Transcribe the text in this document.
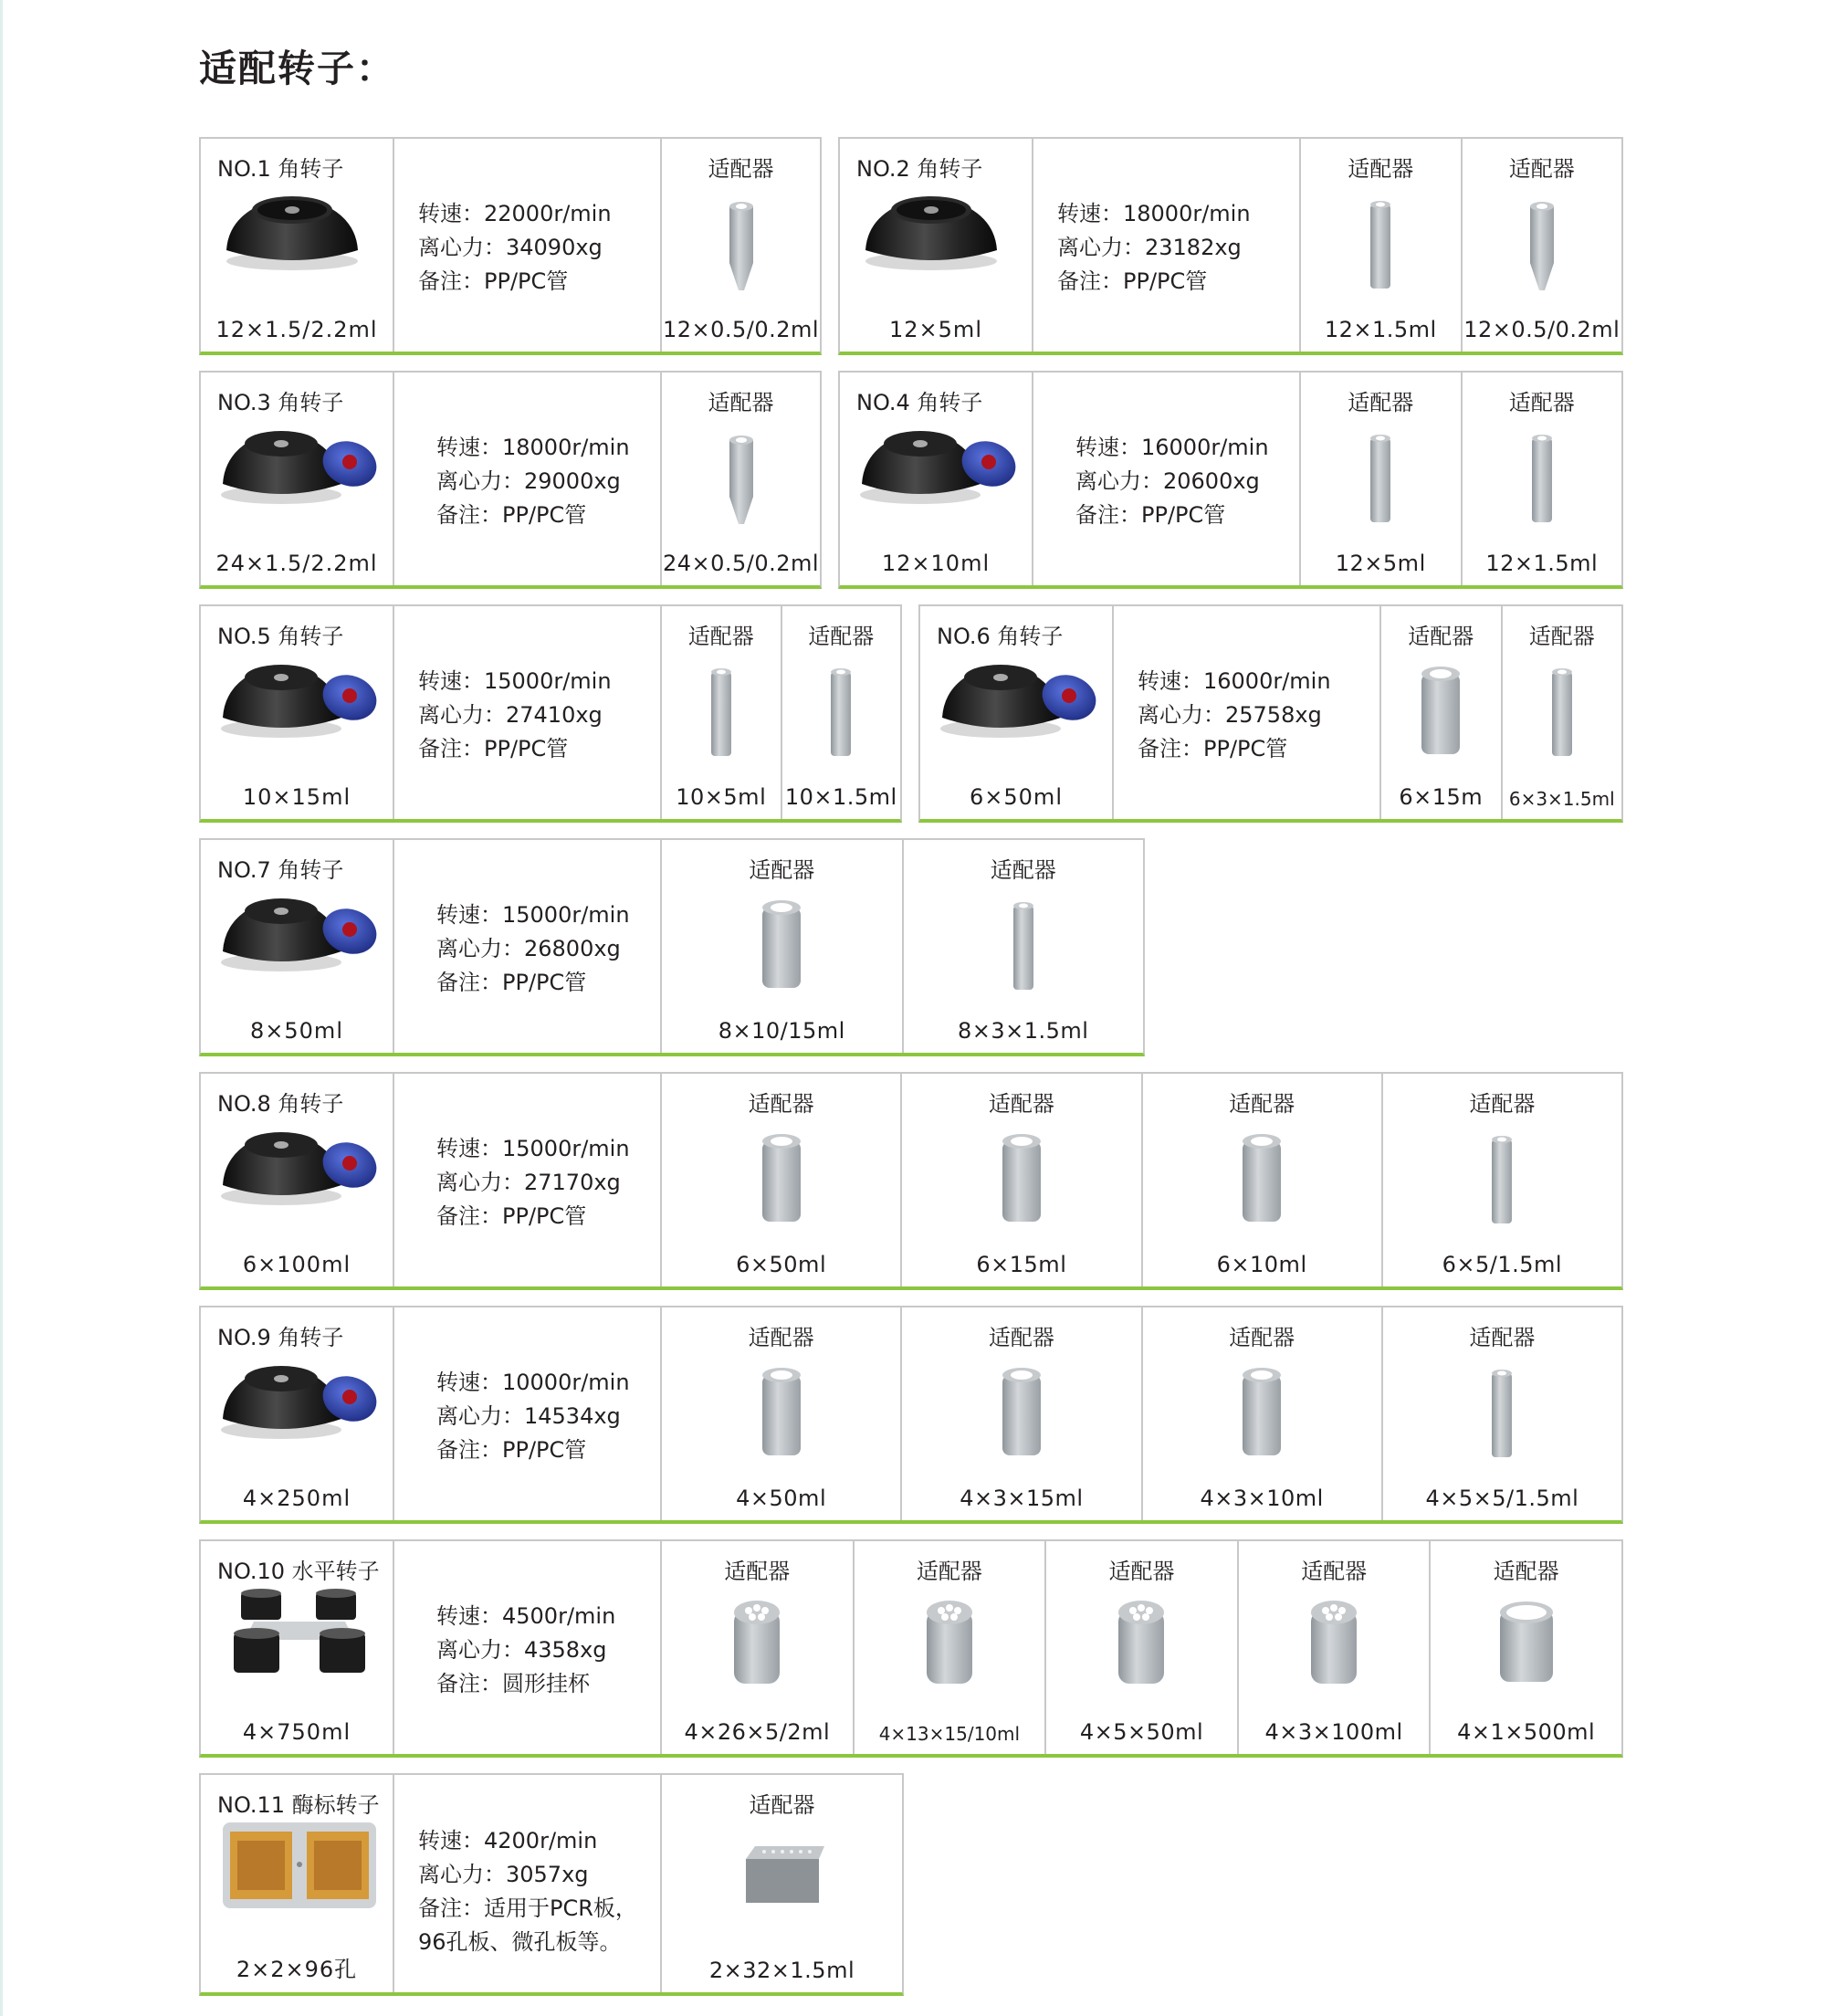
适配转子：
NO.1 角转子
12×1.5/2.2ml
转速：22000r/min
离心力：34090xg
备注：PP/PC管
适配器
12×0.5/0.2ml
NO.2 角转子
12×5ml
转速：18000r/min
离心力：23182xg
备注：PP/PC管
适配器
12×1.5ml
适配器
12×0.5/0.2ml
NO.3 角转子
24×1.5/2.2ml
转速：18000r/min
离心力：29000xg
备注：PP/PC管
适配器
24×0.5/0.2ml
NO.4 角转子
12×10ml
转速：16000r/min
离心力：20600xg
备注：PP/PC管
适配器
12×5ml
适配器
12×1.5ml
NO.5 角转子
10×15ml
转速：15000r/min
离心力：27410xg
备注：PP/PC管
适配器
10×5ml
适配器
10×1.5ml
NO.6 角转子
6×50ml
转速：16000r/min
离心力：25758xg
备注：PP/PC管
适配器
6×15m
适配器
6×3×1.5ml
NO.7 角转子
8×50ml
转速：15000r/min
离心力：26800xg
备注：PP/PC管
适配器
8×10/15ml
适配器
8×3×1.5ml
NO.8 角转子
6×100ml
转速：15000r/min
离心力：27170xg
备注：PP/PC管
适配器
6×50ml
适配器
6×15ml
适配器
6×10ml
适配器
6×5/1.5ml
NO.9 角转子
4×250ml
转速：10000r/min
离心力：14534xg
备注：PP/PC管
适配器
4×50ml
适配器
4×3×15ml
适配器
4×3×10ml
适配器
4×5×5/1.5ml
NO.10 水平转子
4×750ml
转速：4500r/min
离心力：4358xg
备注：圆形挂杯
适配器
4×26×5/2ml
适配器
4×13×15/10ml
适配器
4×5×50ml
适配器
4×3×100ml
适配器
4×1×500ml
NO.11 酶标转子
2×2×96孔
转速：4200r/min
离心力：3057xg
备注：适用于PCR板，
96孔板、微孔板等。
适配器
2×32×1.5ml
